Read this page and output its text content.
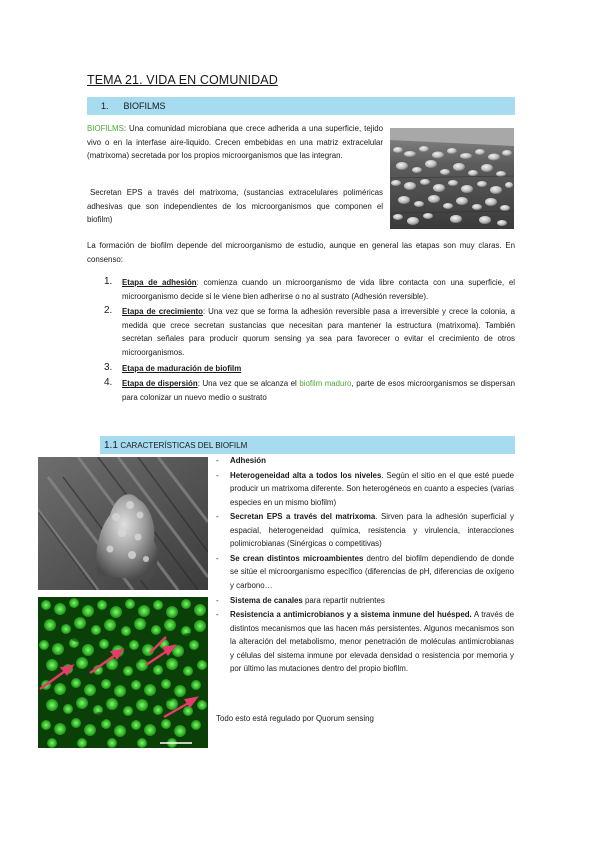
TEMA 21. VIDA EN COMUNIDAD
1. BIOFILMS
BIOFILMS: Una comunidad microbiana que crece adherida a una superficie, tejido vivo o en la interfase aire-liquido. Crecen embebidas en una matriz extracelular (matrixoma) secretada por los propios microorganismos que las integran.
Secretan EPS a través del matrixoma, (sustancias extracelulares poliméricas adhesivas que son independientes de los microorganismos que componen el biofilm)
La formación de biofilm depende del microorganismo de estudio, aunque en general las etapas son muy claras. En consenso:
1. Etapa de adhesión: comienza cuando un microorganismo de vida libre contacta con una superficie, el microorganismo decide si le viene bien adherirse o no al sustrato (Adhesión reversible).
2. Etapa de crecimiento: Una vez que se forma la adhesión reversible pasa a irreversible y crece la colonia, a medida que crece secretan sustancias que necesitan para mantener la estructura (matrixoma). También secretan señales para producir quorum sensing ya sea para favorecer o evitar el crecimiento de otros microorganismos.
3. Etapa de maduración de biofilm
4. Etapa de dispersión: Una vez que se alcanza el biofilm maduro, parte de esos microorganismos se dispersan para colonizar un nuevo medio o sustrato
1.1 CARACTERÍSTICAS DEL BIOFILM
- Adhesión
- Heterogeneidad alta a todos los niveles. Según el sitio en el que esté puede producir un matrixoma diferente. Son heterogéneos en cuanto a especies (varias especies en un mismo biofilm)
- Secretan EPS a través del matrixoma. Sirven para la adhesión superficial y espacial, heterogeneidad química, resistencia y virulencia, interacciones polimicrobianas (Sinérgicas o competitivas)
- Se crean distintos microambientes dentro del biofilm dependiendo de donde se sitúe el microorganismo específico (diferencias de pH, diferencias de oxígeno y carbono…
- Sistema de canales para repartir nutrientes
- Resistencia a antimicrobianos y a sistema inmune del huésped. A través de distintos mecanismos que las hacen más persistentes. Algunos mecanismos son la alteración del metabolismo, menor penetración de moléculas antimicrobianas y células del sistema inmune por elevada densidad o resistencia por memoria y por último las mutaciones dentro del propio biofilm.
Todo esto está regulado por Quorum sensing
